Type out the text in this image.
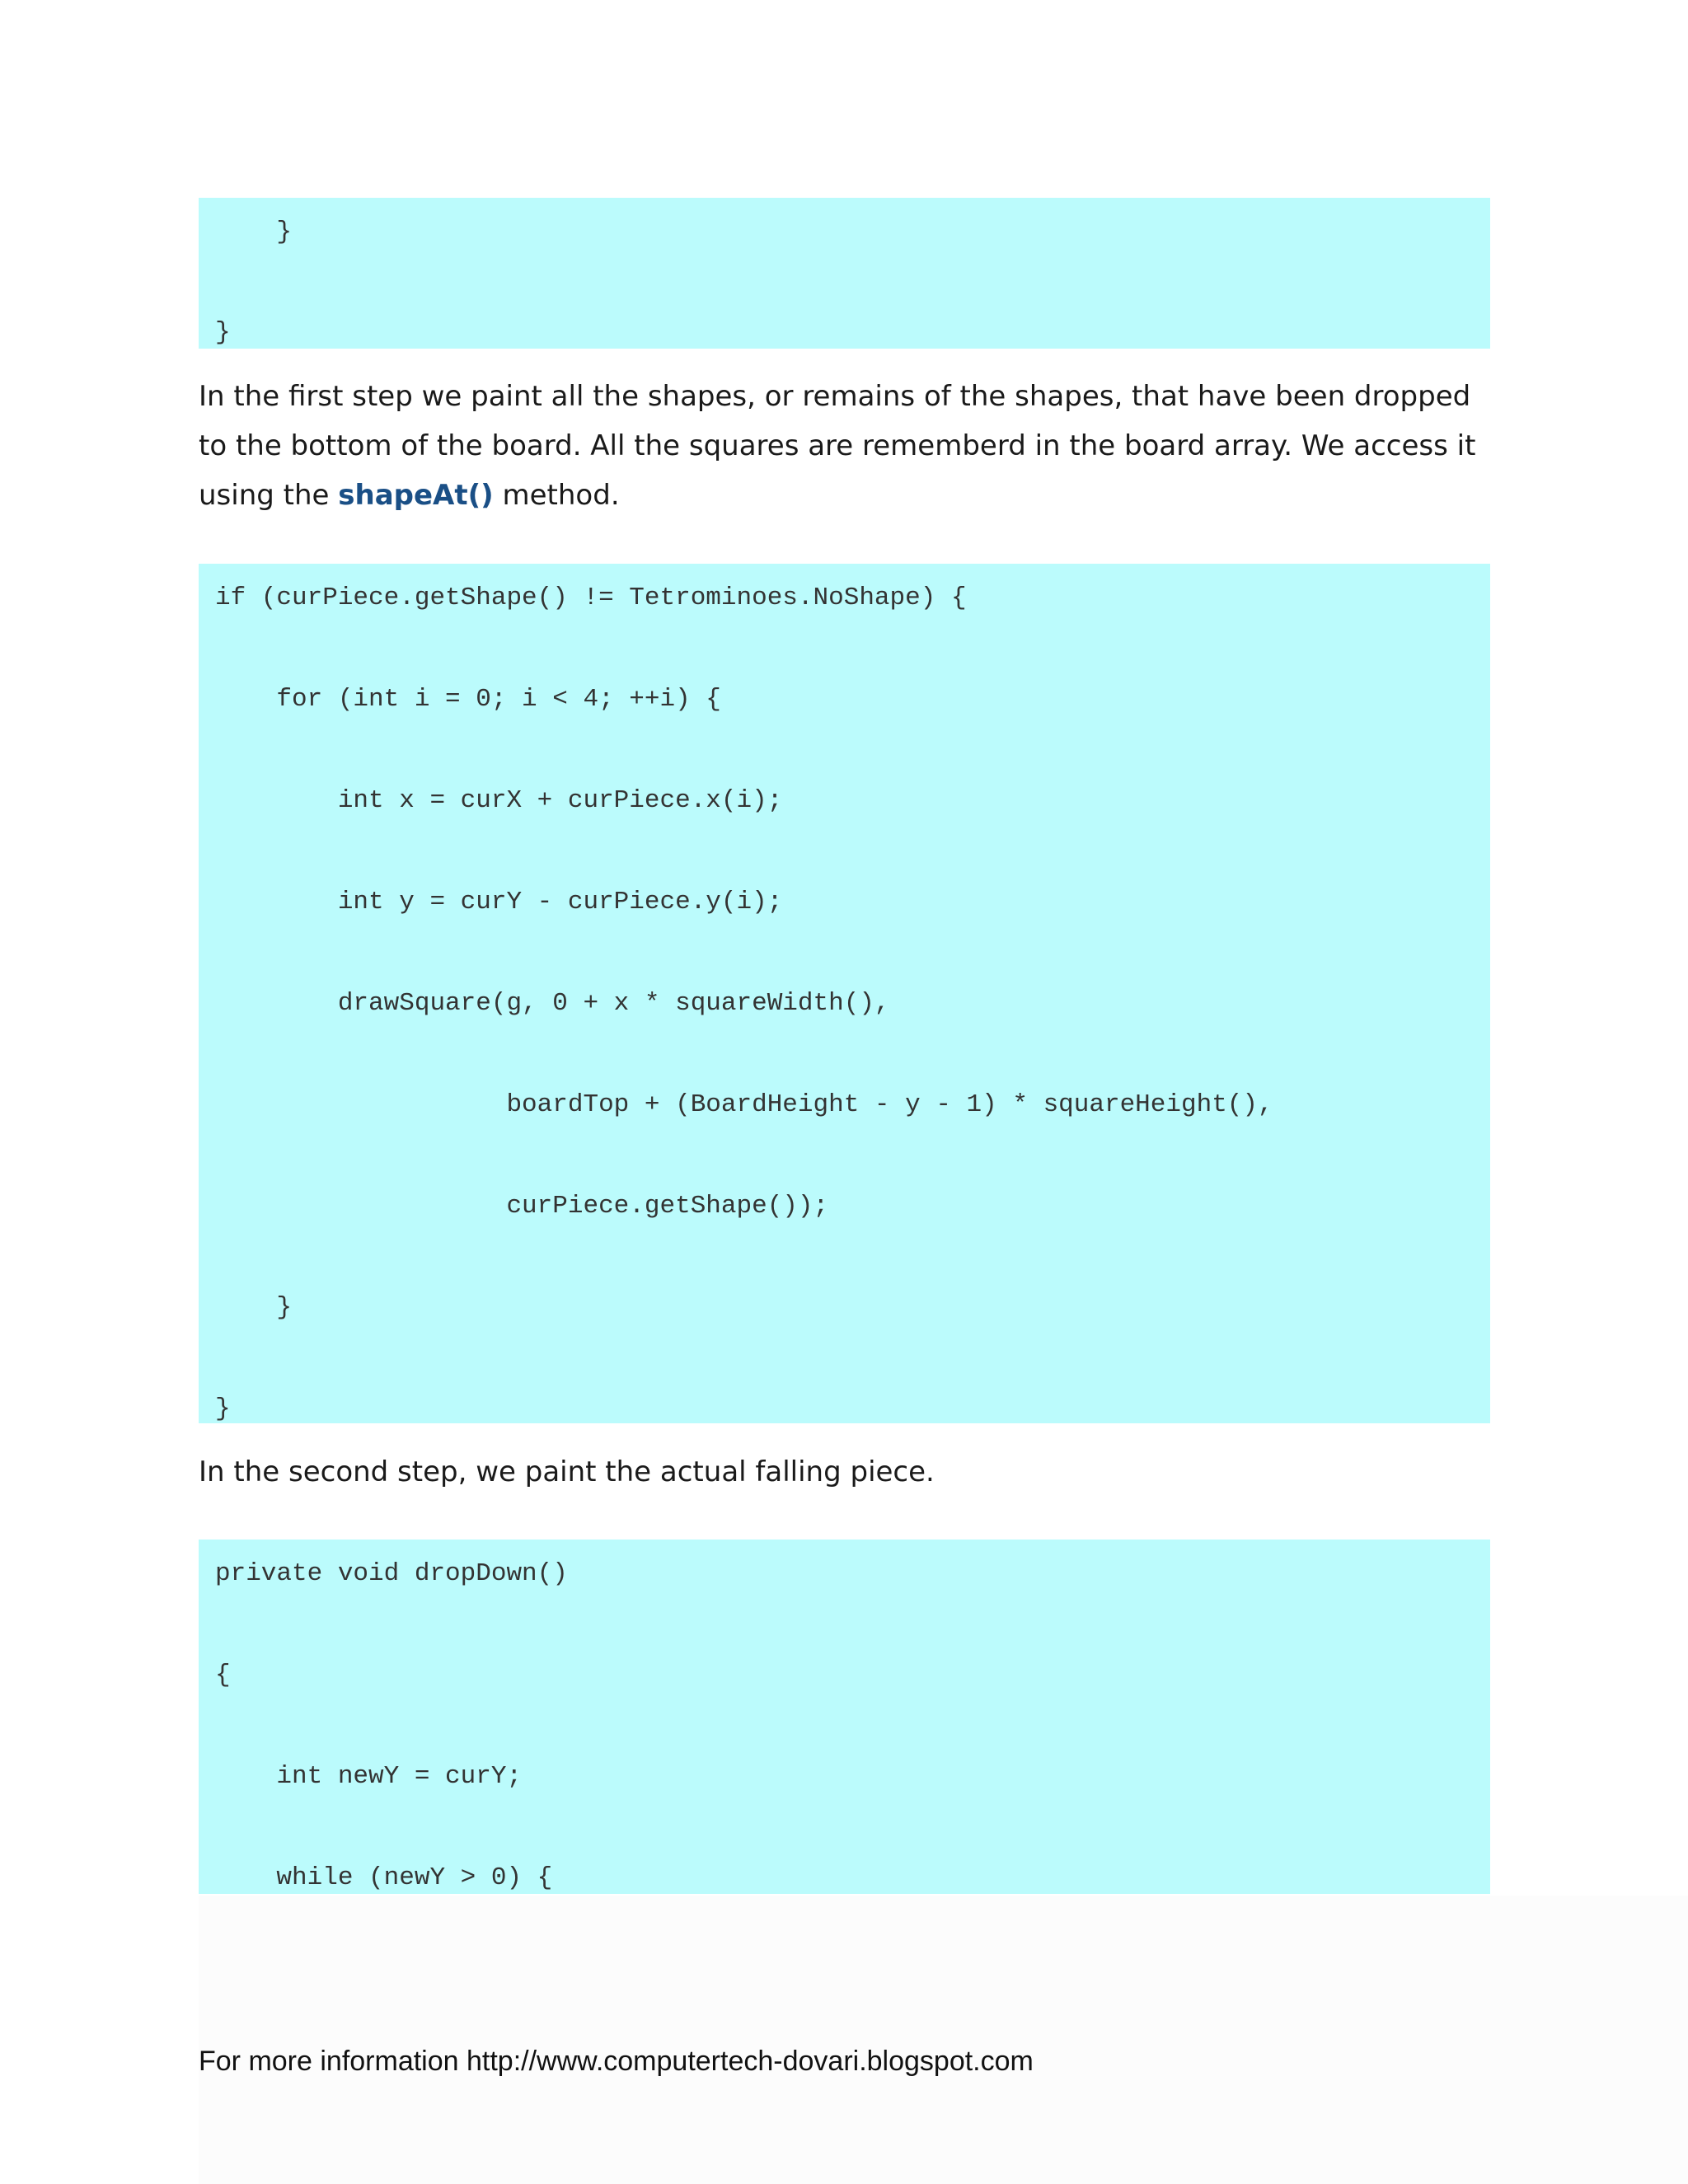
}
}

In the first step we paint all the shapes, or remains of the shapes, that have been dropped to the bottom of the board. All the squares are rememberd in the board array. We access it using the shapeAt() method.

if (curPiece.getShape() != Tetrominoes.NoShape) {
for (int i = 0; i < 4; ++i) {
int x = curX + curPiece.x(i);
int y = curY - curPiece.y(i);
drawSquare(g, 0 + x * squareWidth(),
boardTop + (BoardHeight - y - 1) * squareHeight(),
curPiece.getShape());
}
}

In the second step, we paint the actual falling piece.

private void dropDown()
{
int newY = curY;
while (newY > 0) {
For more information http://www.computertech-dovari.blogspot.com
